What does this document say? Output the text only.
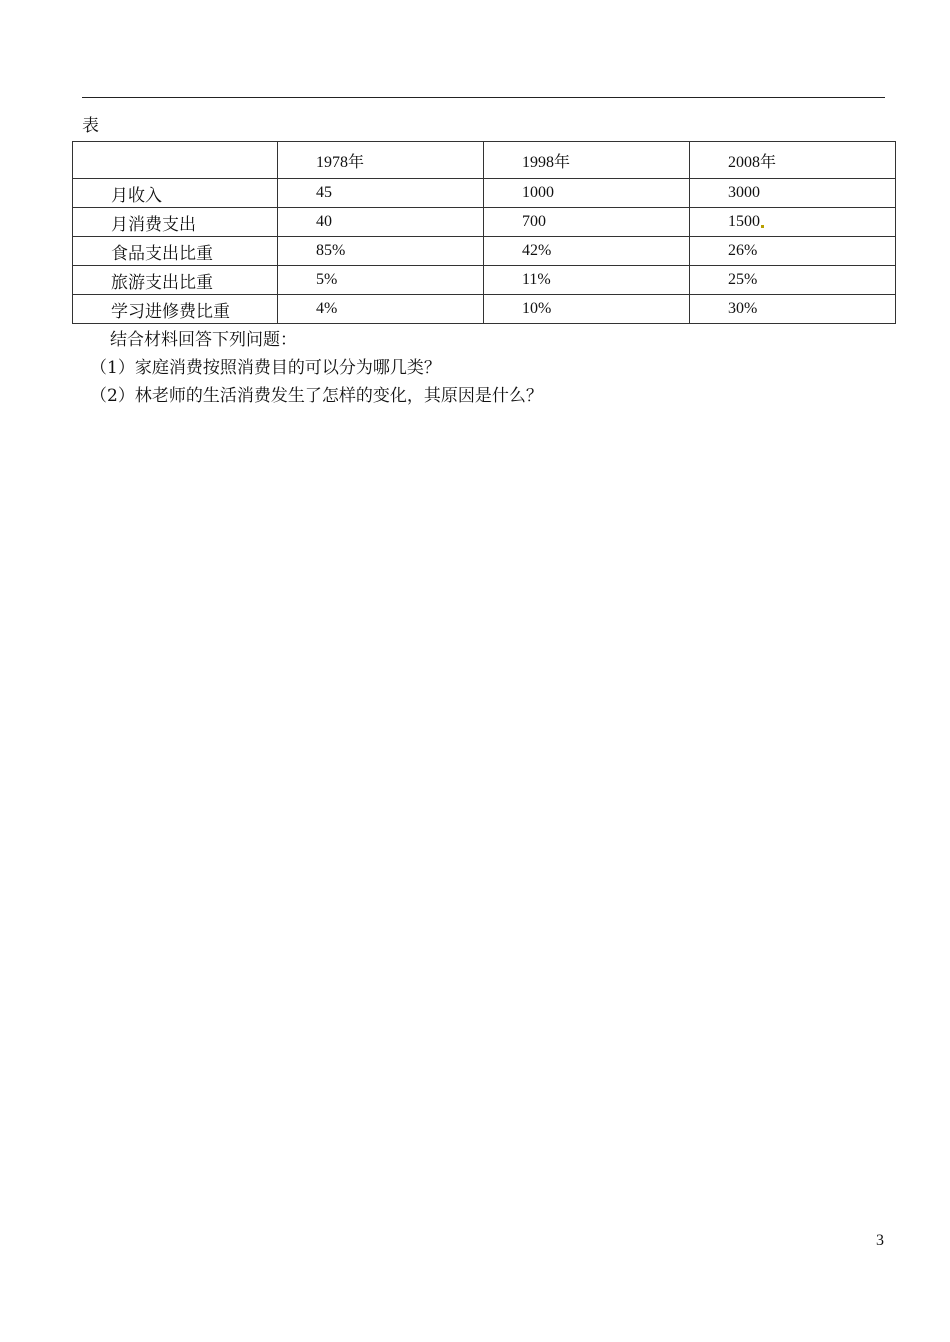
表
	1978年	1998年	2008年
月收入	45	1000	3000
月消费支出	40	700	1500
食品支出比重	85%	42%	26%
旅游支出比重	5%	11%	25%
学习进修费比重	4%	10%	30%
结合材料回答下列问题：
（1）家庭消费按照消费目的可以分为哪几类？
（2）林老师的生活消费发生了怎样的变化，其原因是什么？
3
